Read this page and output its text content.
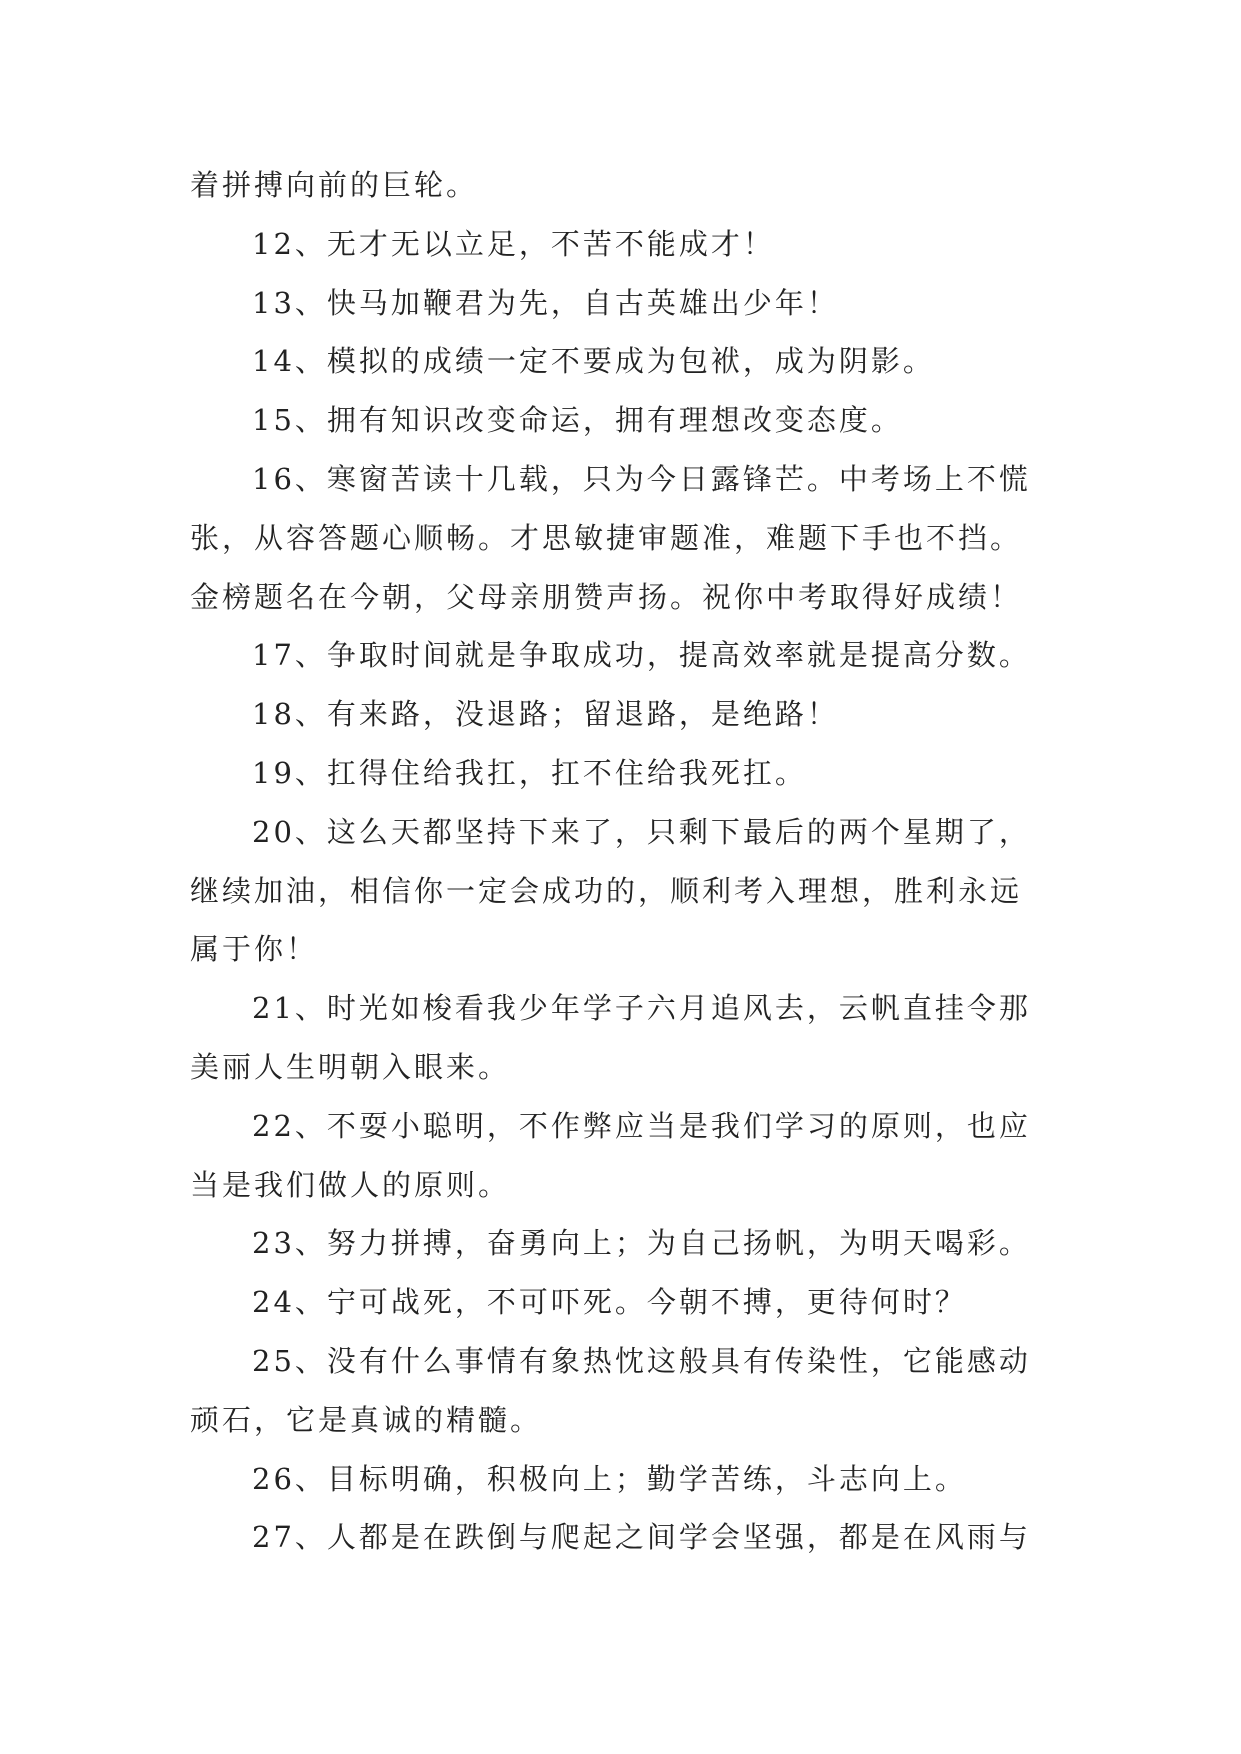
着拼搏向前的巨轮。

12、无才无以立足，不苦不能成才！

13、快马加鞭君为先，自古英雄出少年！

14、模拟的成绩一定不要成为包袱，成为阴影。

15、拥有知识改变命运，拥有理想改变态度。

16、寒窗苦读十几载，只为今日露锋芒。中考场上不慌

张，从容答题心顺畅。才思敏捷审题准，难题下手也不挡。

金榜题名在今朝，父母亲朋赞声扬。祝你中考取得好成绩！

17、争取时间就是争取成功，提高效率就是提高分数。

18、有来路，没退路；留退路，是绝路！

19、扛得住给我扛，扛不住给我死扛。

20、这么天都坚持下来了，只剩下最后的两个星期了，

继续加油，相信你一定会成功的，顺利考入理想，胜利永远

属于你！

21、时光如梭看我少年学子六月追风去，云帆直挂令那

美丽人生明朝入眼来。

22、不耍小聪明，不作弊应当是我们学习的原则，也应

当是我们做人的原则。

23、努力拼搏，奋勇向上；为自己扬帆，为明天喝彩。

24、宁可战死，不可吓死。今朝不搏，更待何时？

25、没有什么事情有象热忱这般具有传染性，它能感动

顽石，它是真诚的精髓。

26、目标明确，积极向上；勤学苦练，斗志向上。

27、人都是在跌倒与爬起之间学会坚强，都是在风雨与
